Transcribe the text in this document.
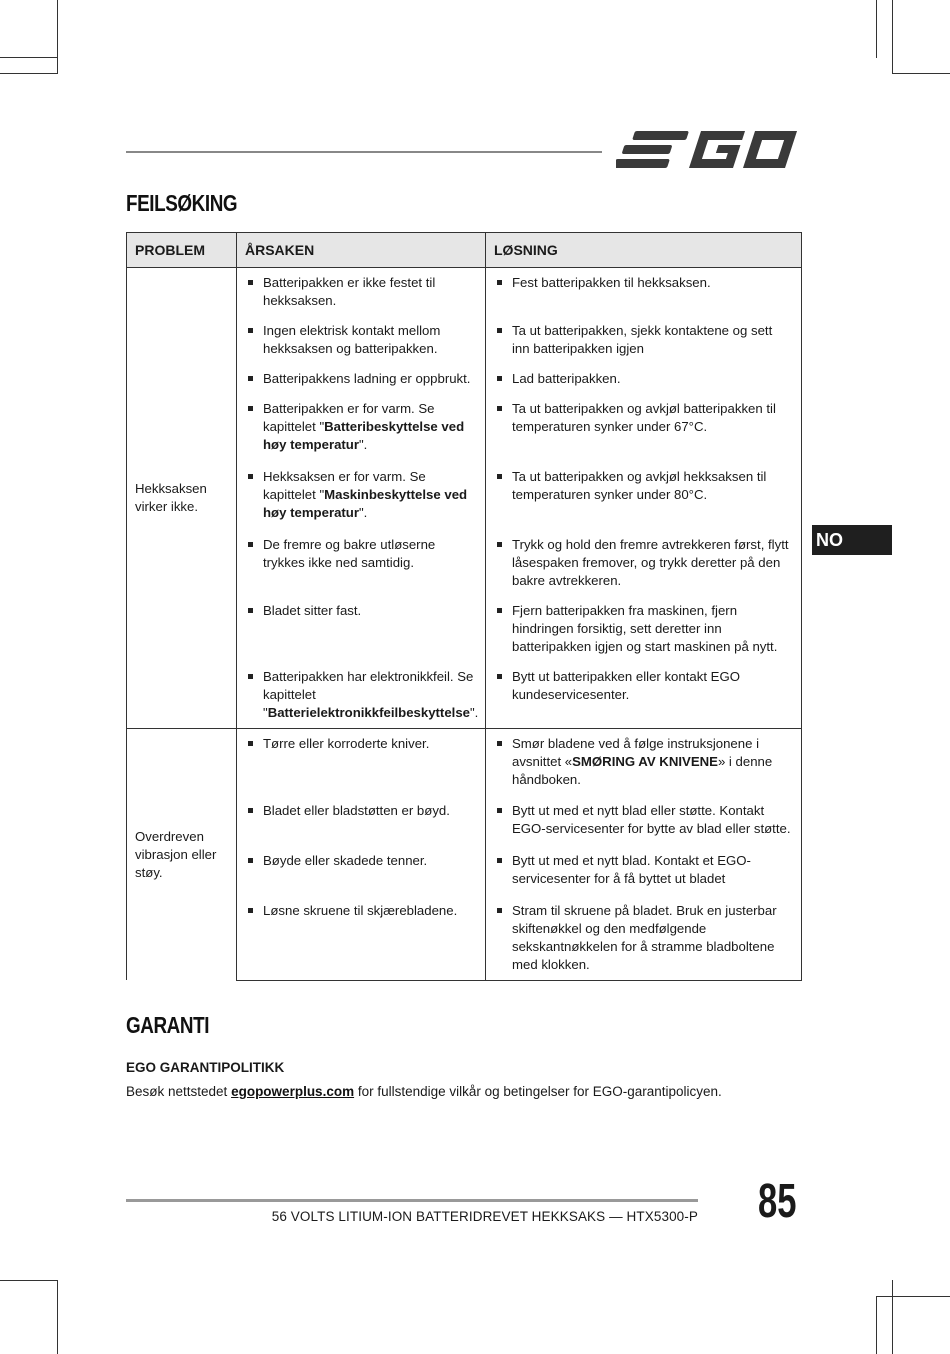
FEILSØKING
NO
PROBLEM	ÅRSAKEN	LØSNING
Hekksaksen virker ikke.	Batteripakken er ikke festet til hekksaksen.	Fest batteripakken til hekksaksen.

	Ingen elektrisk kontakt mellom hekksaksen og batteripakken.	Ta ut batteripakken, sjekk kontaktene og sett inn batteripakken igjen

	Batteripakkens ladning er oppbrukt.	Lad batteripakken.

	Batteripakken er for varm. Se kapittelet "Batteribeskyttelse ved høy temperatur".	Ta ut batteripakken og avkjøl batteripakken til temperaturen synker under 67°C.

	Hekksaksen er for varm. Se kapittelet "Maskinbeskyttelse ved høy temperatur".	Ta ut batteripakken og avkjøl hekksaksen til temperaturen synker under 80°C.

	De fremre og bakre utløserne trykkes ikke ned samtidig.	Trykk og hold den fremre avtrekkeren først, flytt låsespaken fremover, og trykk deretter på den bakre avtrekkeren.

	Bladet sitter fast.	Fjern batteripakken fra maskinen, fjern hindringen forsiktig, sett deretter inn batteripakken igjen og start maskinen på nytt.

	Batteripakken har elektronikkfeil. Se kapittelet "Batterielektronikkfeilbeskyttelse".	Bytt ut batteripakken eller kontakt EGO kundeservicesenter.

Overdreven vibrasjon eller støy.	Tørre eller korroderte kniver.	Smør bladene ved å følge instruksjonene i avsnittet «SMØRING AV KNIVENE» i denne håndboken.

	Bladet eller bladstøtten er bøyd.	Bytt ut med et nytt blad eller støtte. Kontakt EGO-servicesenter for bytte av blad eller støtte.

	Bøyde eller skadede tenner.	Bytt ut med et nytt blad. Kontakt et EGO-servicesenter for å få byttet ut bladet

	Løsne skruene til skjærebladene.	Stram til skruene på bladet. Bruk en justerbar skiftenøkkel og den medfølgende sekskantnøkkelen for å stramme bladboltene med klokken.
GARANTI
EGO GARANTIPOLITIKK
Besøk nettstedet egopowerplus.com for fullstendige vilkår og betingelser for EGO-garantipolicyen.
56 VOLTS LITIUM-ION BATTERIDREVET HEKKSAKS — HTX5300-P 85
